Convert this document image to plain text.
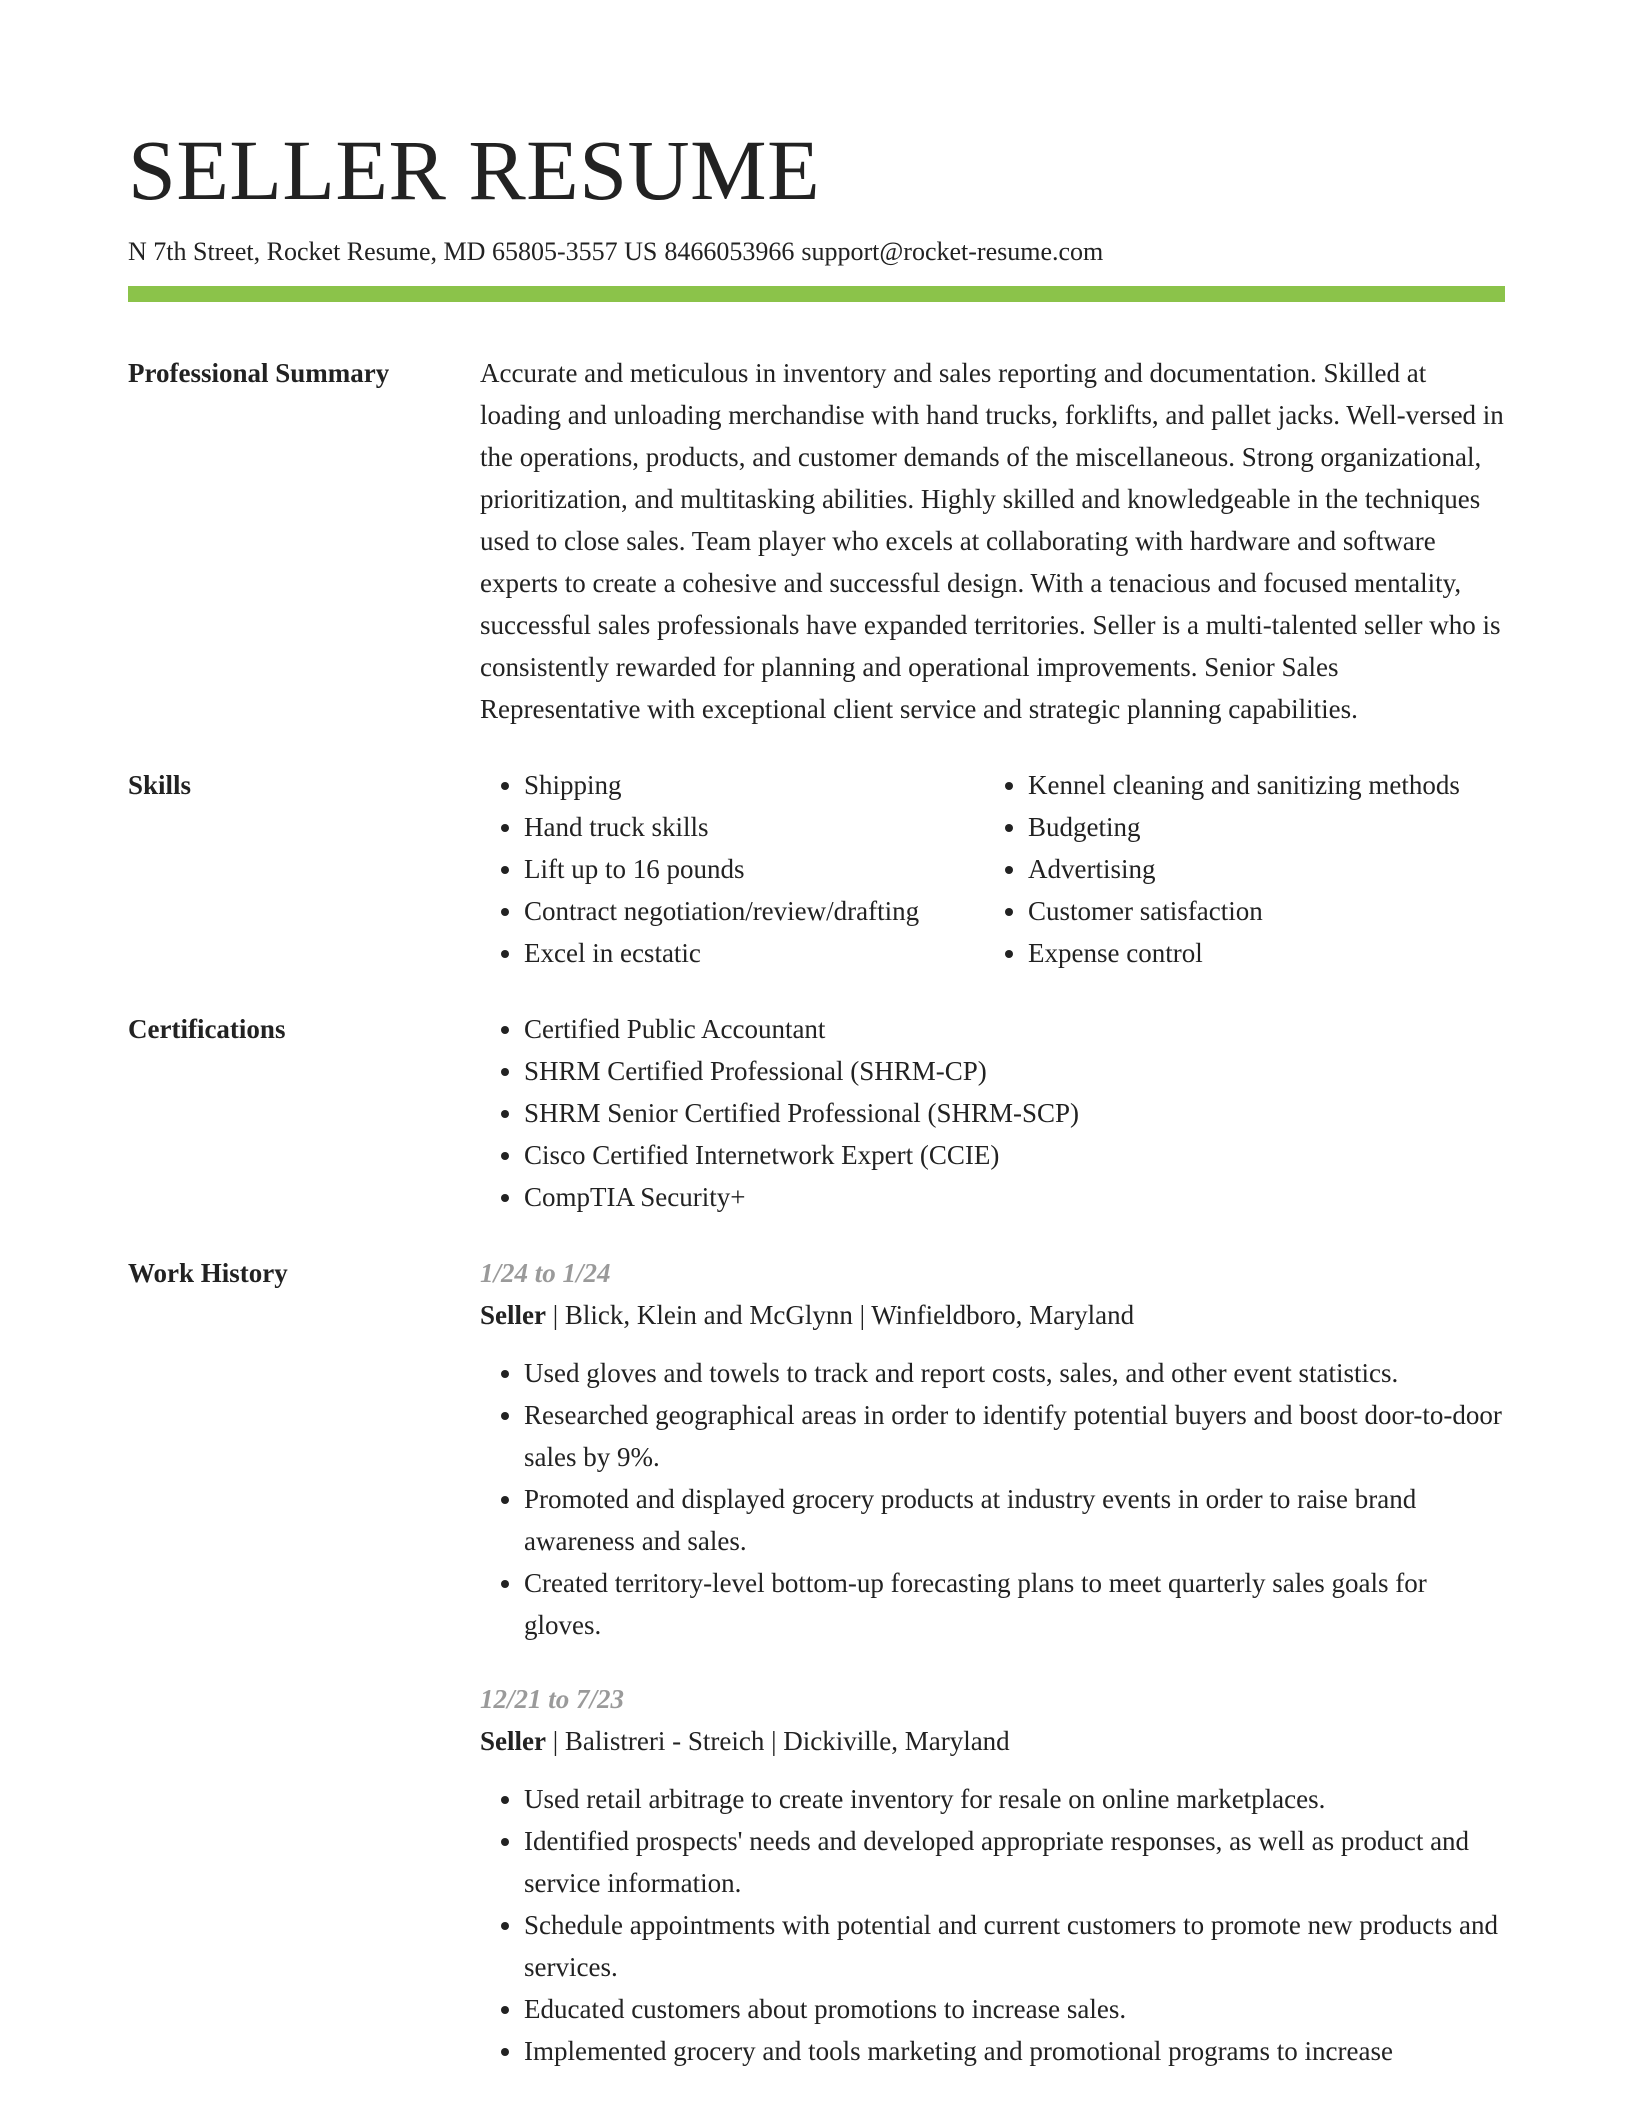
SELLER RESUME
N 7th Street, Rocket Resume, MD 65805-3557 US 8466053966 support@rocket-resume.com
Professional Summary	Accurate and meticulous in inventory and sales reporting and documentation. Skilled at loading and unloading merchandise with hand trucks, forklifts, and pallet jacks. Well-versed in the operations, products, and customer demands of the miscellaneous. Strong organizational, prioritization, and multitasking abilities. Highly skilled and knowledgeable in the techniques used to close sales. Team player who excels at collaborating with hardware and software experts to create a cohesive and successful design. With a tenacious and focused mentality, successful sales professionals have expanded territories. Seller is a multi-talented seller who is consistently rewarded for planning and operational improvements. Senior Sales Representative with exceptional client service and strategic planning capabilities.
Skills	• Shipping
• Hand truck skills
• Lift up to 16 pounds
• Contract negotiation/review/drafting
• Excel in ecstatic
• Kennel cleaning and sanitizing methods
• Budgeting
• Advertising
• Customer satisfaction
• Expense control
Certifications	• Certified Public Accountant
• SHRM Certified Professional (SHRM-CP)
• SHRM Senior Certified Professional (SHRM-SCP)
• Cisco Certified Internetwork Expert (CCIE)
• CompTIA Security+
Work History	1/24 to 1/24
Seller | Blick, Klein and McGlynn | Winfieldboro, Maryland
• Used gloves and towels to track and report costs, sales, and other event statistics.
• Researched geographical areas in order to identify potential buyers and boost door-to-door sales by 9%.
• Promoted and displayed grocery products at industry events in order to raise brand awareness and sales.
• Created territory-level bottom-up forecasting plans to meet quarterly sales goals for gloves.
12/21 to 7/23
Seller | Balistreri - Streich | Dickiville, Maryland
• Used retail arbitrage to create inventory for resale on online marketplaces.
• Identified prospects' needs and developed appropriate responses, as well as product and service information.
• Schedule appointments with potential and current customers to promote new products and services.
• Educated customers about promotions to increase sales.
• Implemented grocery and tools marketing and promotional programs to increase
